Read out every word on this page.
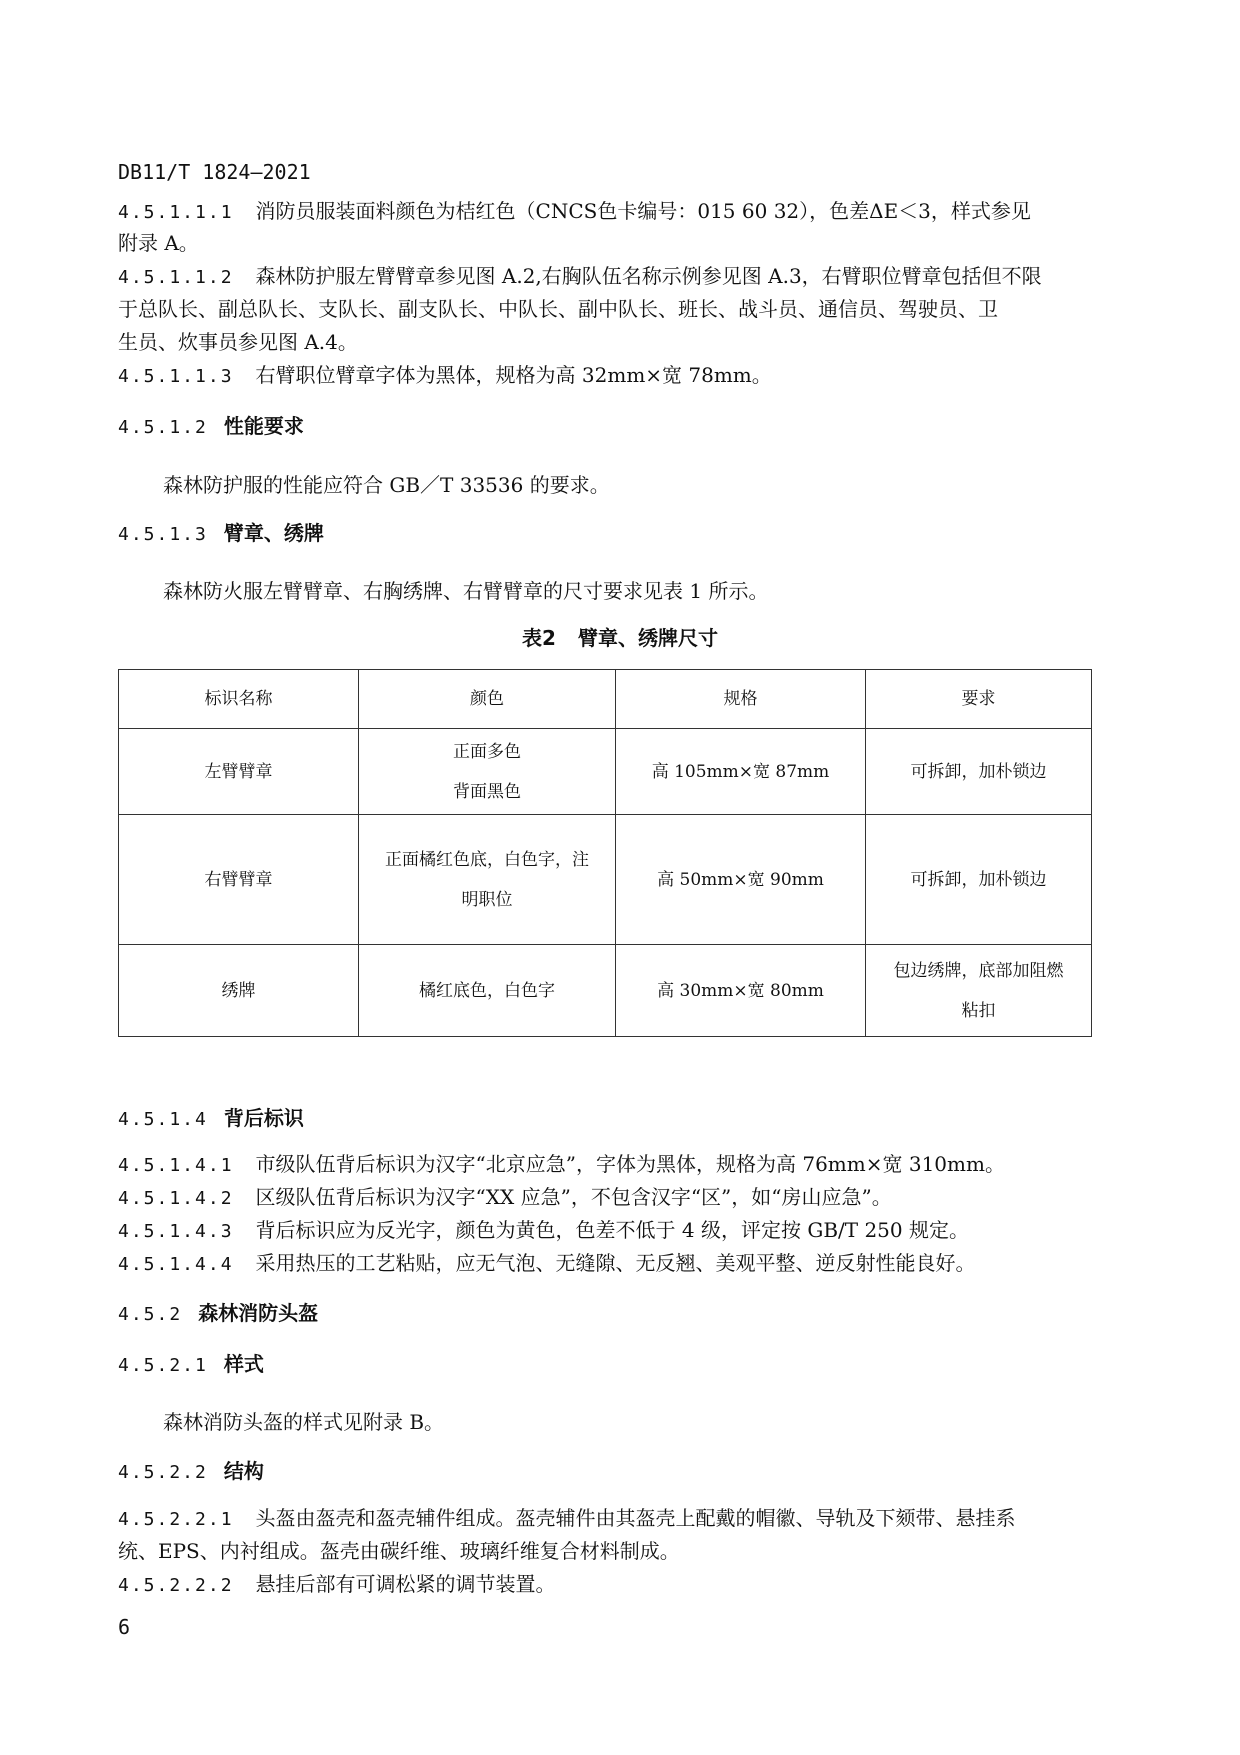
DB11/T 1824—2021
4.5.1.1.1 消防员服装面料颜色为桔红色（CNCS色卡编号：015 60 32），色差ΔE＜3，样式参见
附录 A。
4.5.1.1.2 森林防护服左臂臂章参见图 A.2,右胸队伍名称示例参见图 A.3，右臂职位臂章包括但不限
于总队长、副总队长、支队长、副支队长、中队长、副中队长、班长、战斗员、通信员、驾驶员、卫
生员、炊事员参见图 A.4。
4.5.1.1.3 右臂职位臂章字体为黑体，规格为高 32mm×宽 78mm。
4.5.1.2 性能要求
森林防护服的性能应符合 GB／T 33536 的要求。
4.5.1.3 臂章、绣牌
森林防火服左臂臂章、右胸绣牌、右臂臂章的尺寸要求见表 1 所示。
表2 臂章、绣牌尺寸
标识名称	颜色	规格	要求
左臂臂章	正面多色
背面黑色	高 105mm×宽 87mm	可拆卸，加朴锁边

右臂臂章	正面橘红色底，白色字，注
明职位	高 50mm×宽 90mm	可拆卸，加朴锁边

绣牌	橘红底色，白色字	高 30mm×宽 80mm	包边绣牌，底部加阻燃
粘扣
4.5.1.4 背后标识
4.5.1.4.1 市级队伍背后标识为汉字“北京应急”，字体为黑体，规格为高 76mm×宽 310mm。
4.5.1.4.2 区级队伍背后标识为汉字“XX 应急”，不包含汉字“区”，如“房山应急”。
4.5.1.4.3 背后标识应为反光字，颜色为黄色，色差不低于 4 级，评定按 GB/T 250 规定。
4.5.1.4.4 采用热压的工艺粘贴，应无气泡、无缝隙、无反翘、美观平整、逆反射性能良好。
4.5.2 森林消防头盔
4.5.2.1 样式
森林消防头盔的样式见附录 B。
4.5.2.2 结构
4.5.2.2.1 头盔由盔壳和盔壳辅件组成。盔壳辅件由其盔壳上配戴的帽徽、导轨及下颏带、悬挂系
统、EPS、内衬组成。盔壳由碳纤维、玻璃纤维复合材料制成。
4.5.2.2.2 悬挂后部有可调松紧的调节装置。
6
